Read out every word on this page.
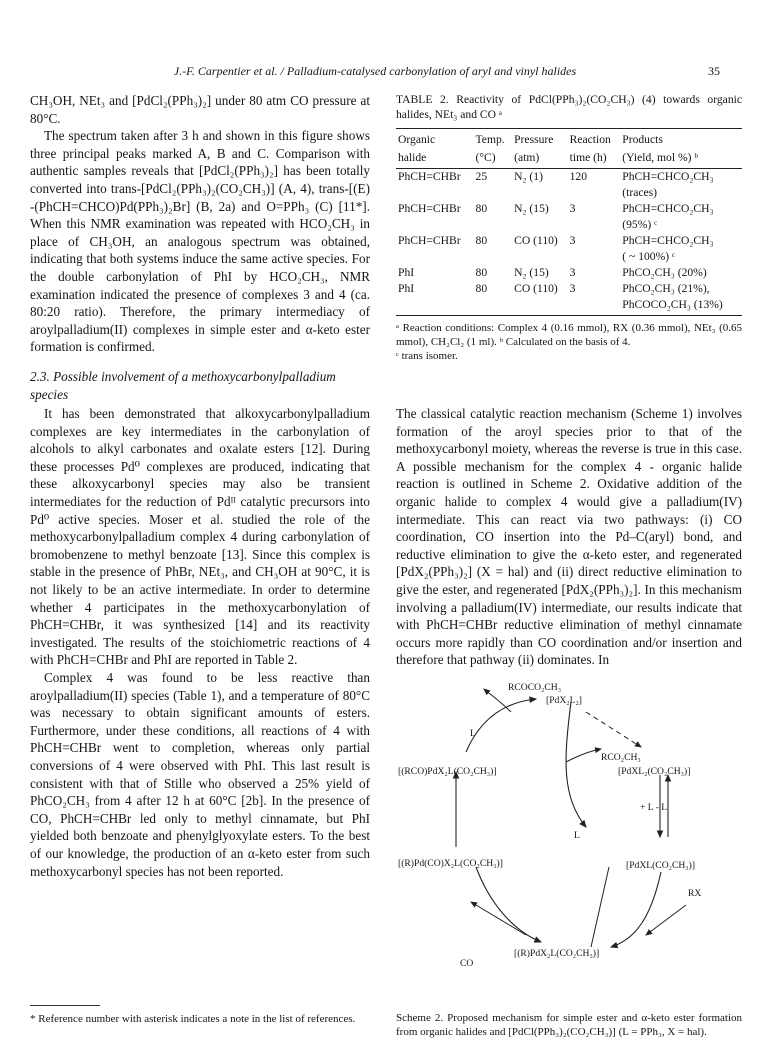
J.-F. Carpentier et al. / Palladium-catalysed carbonylation of aryl and vinyl halides	35

CH₃OH, NEt₃ and [PdCl₂(PPh₃)₂] under 80 atm CO pressure at 80°C.

The spectrum taken after 3 h and shown in this figure shows three principal peaks marked A, B and C. Comparison with authentic samples reveals that [PdCl₂(PPh₃)₂] has been totally converted into trans-[PdCl₂(PPh₃)₂(CO₂CH₃)] (A, 4), trans-[(E) -(PhCH=CHCO)Pd(PPh₃)₂Br] (B, 2a) and O=PPh₃ (C) [11*]. When this NMR examination was repeated with HCO₂CH₃ in place of CH₃OH, an analogous spectrum was obtained, indicating that both systems induce the same active species. For the double carbonylation of PhI by HCO₂CH₃, NMR examination indicated the presence of complexes 3 and 4 (ca. 80:20 ratio). Therefore, the primary intermediacy of aroylpalladium(II) complexes in simple ester and α-keto ester formation is confirmed.

2.3. Possible involvement of a methoxycarbonylpalladium species

It has been demonstrated that alkoxycarbonylpalladium complexes are key intermediates in the carbonylation of alcohols to alkyl carbonates and oxalate esters [12]. During these processes Pd⁰ complexes are produced, indicating that these alkoxycarbonyl species may also be transient intermediates for the reduction of Pdᴵᴵ catalytic precursors into Pd⁰ active species. Moser et al. studied the role of the methoxycarbonylpalladium complex 4 during carbonylation of bromobenzene to methyl benzoate [13]. Since this complex is stable in the presence of PhBr, NEt₃, and CH₃OH at 90°C, it is not likely to be an active intermediate. In order to determine whether 4 participates in the methoxycarbonylation of PhCH=CHBr, it was synthesized [14] and its reactivity investigated. The results of the stoichiometric reactions of 4 with PhCH=CHBr and PhI are reported in Table 2.

Complex 4 was found to be less reactive than aroylpalladium(II) species (Table 1), and a temperature of 80°C was necessary to obtain significant amounts of esters. Furthermore, under these conditions, all reactions of 4 with PhCH=CHBr went to completion, whereas only partial conversions of 4 were observed with PhI. This last result is consistent with that of Stille who observed a 25% yield of PhCO₂CH₃ from 4 after 12 h at 60°C [2b]. In the presence of CO, PhCH=CHBr led only to methyl cinnamate, but PhI yielded both benzoate and phenylglyoxylate esters. To the best of our knowledge, the production of an α-keto ester from such methoxycarbonyl species has not been reported.

* Reference number with asterisk indicates a note in the list of references.
TABLE 2. Reactivity of PdCl(PPh₃)₂(CO₂CH₃) (4) towards organic halides, NEt₃ and CO ᵃ
Organic	Temp.	Pressure	Reaction	Products
halide	(°C)	(atm)	time (h)	(Yield, mol %) ᵇ
PhCH=CHBr	25	N₂ (1)	120	PhCH=CHCO₂CH₃
				(traces)
PhCH=CHBr	80	N₂ (15)	3	PhCH=CHCO₂CH₃
				(95%) ᶜ
PhCH=CHBr	80	CO (110)	3	PhCH=CHCO₂CH₃
				( ~ 100%) ᶜ
PhI	80	N₂ (15)	3	PhCO₂CH₃ (20%)
PhI	80	CO (110)	3	PhCO₂CH₃ (21%),
				PhCOCO₂CH₃ (13%)
ᵃ Reaction conditions: Complex 4 (0.16 mmol), RX (0.36 mmol), NEt₃ (0.65 mmol), CH₂Cl₂ (1 ml). ᵇ Calculated on the basis of 4.
ᶜ trans isomer.

The classical catalytic reaction mechanism (Scheme 1) involves formation of the aroyl species prior to that of the methoxycarbonyl moiety, whereas the reverse is true in this case. A possible mechanism for the complex 4 - organic halide reaction is outlined in Scheme 2. Oxidative addition of the organic halide to complex 4 would give a palladium(IV) intermediate. This can react via two pathways: (i) CO coordination, CO insertion into the Pd–C(aryl) bond, and reductive elimination to give the α-keto ester, and regenerated [PdX₂(PPh₃)₂] (X = hal) and (ii) direct reductive elimination to give the ester, and regenerated [PdX₂(PPh₃)₂]. In this mechanism involving a palladium(IV) intermediate, our results indicate that with PhCH=CHBr reductive elimination of methyl cinnamate occurs more rapidly than CO coordination and/or insertion and therefore that pathway (ii) dominates. In

RCOCO₂CH₃
[PdX₂L₂]
L
[(RCO)PdX₂L(CO₂CH₃)]	[PdXL₂(CO₂CH₃)]
RCO₂CH₃
L
+ L - L
[(R)Pd(CO)X₂L(CO₂CH₃)]	[PdXL(CO₂CH₃)]
RX
CO
[(R)PdX₂L(CO₂CH₃)]
Scheme 2. Proposed mechanism for simple ester and α-keto ester formation from organic halides and [PdCl(PPh₃)₂(CO₂CH₃)] (L = PPh₃, X = hal).
